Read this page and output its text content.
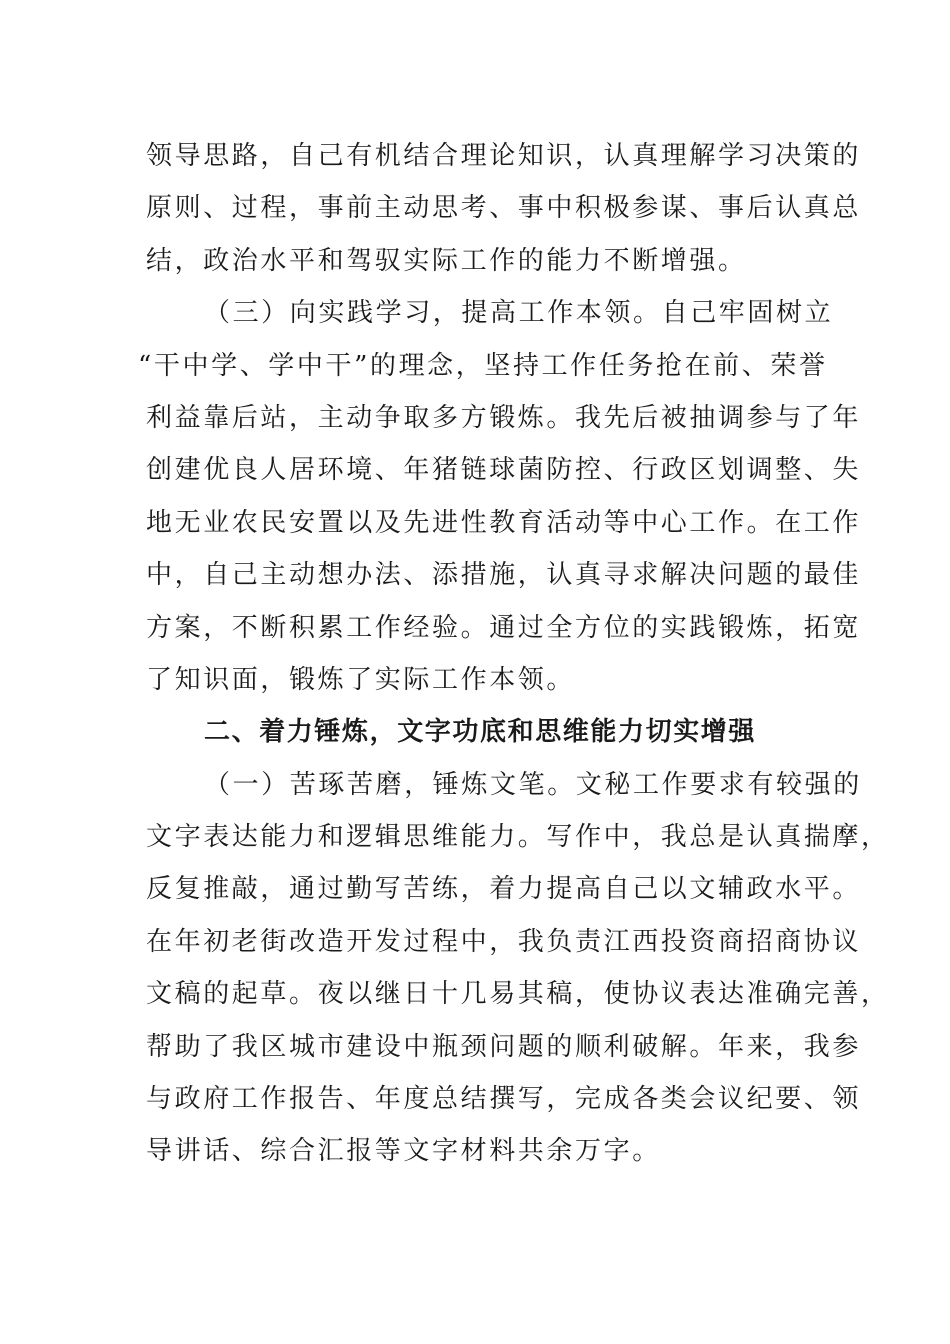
领导思路，自己有机结合理论知识，认真理解学习决策的
原则、过程，事前主动思考、事中积极参谋、事后认真总
结，政治水平和驾驭实际工作的能力不断增强。
（三）向实践学习，提高工作本领。自己牢固树立
“干中学、学中干”的理念，坚持工作任务抢在前、荣誉
利益靠后站，主动争取多方锻炼。我先后被抽调参与了年
创建优良人居环境、年猪链球菌防控、行政区划调整、失
地无业农民安置以及先进性教育活动等中心工作。在工作
中，自己主动想办法、添措施，认真寻求解决问题的最佳
方案，不断积累工作经验。通过全方位的实践锻炼，拓宽
了知识面，锻炼了实际工作本领。
二、着力锤炼，文字功底和思维能力切实增强
（一）苦琢苦磨，锤炼文笔。文秘工作要求有较强的
文字表达能力和逻辑思维能力。写作中，我总是认真揣摩，
反复推敲，通过勤写苦练，着力提高自己以文辅政水平。
在年初老街改造开发过程中，我负责江西投资商招商协议
文稿的起草。夜以继日十几易其稿，使协议表达准确完善，
帮助了我区城市建设中瓶颈问题的顺利破解。年来，我参
与政府工作报告、年度总结撰写，完成各类会议纪要、领
导讲话、综合汇报等文字材料共余万字。
